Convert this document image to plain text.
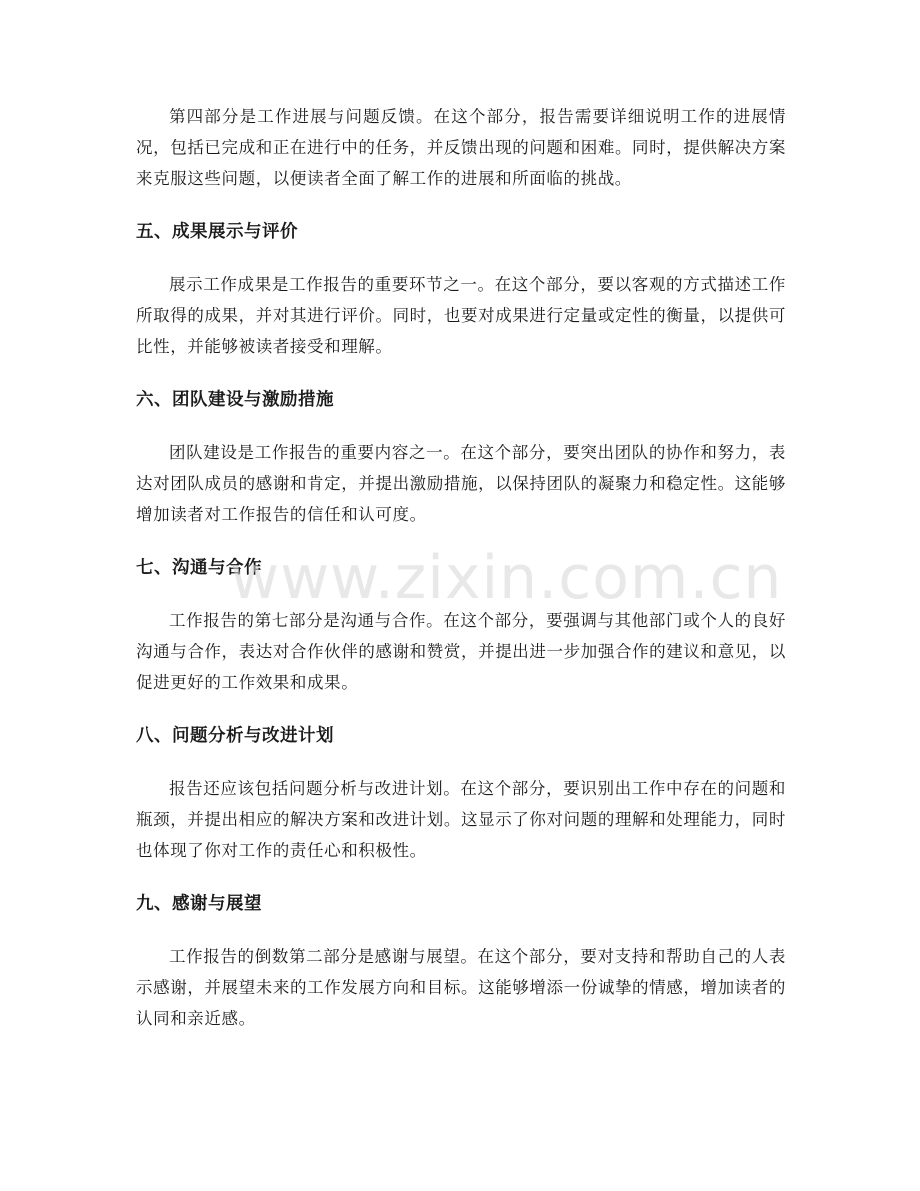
第四部分是工作进展与问题反馈。在这个部分，报告需要详细说明工作的进展情况，包括已完成和正在进行中的任务，并反馈出现的问题和困难。同时，提供解决方案来克服这些问题，以便读者全面了解工作的进展和所面临的挑战。

五、成果展示与评价

展示工作成果是工作报告的重要环节之一。在这个部分，要以客观的方式描述工作所取得的成果，并对其进行评价。同时，也要对成果进行定量或定性的衡量，以提供可比性，并能够被读者接受和理解。

六、团队建设与激励措施

团队建设是工作报告的重要内容之一。在这个部分，要突出团队的协作和努力，表达对团队成员的感谢和肯定，并提出激励措施，以保持团队的凝聚力和稳定性。这能够增加读者对工作报告的信任和认可度。

七、沟通与合作

工作报告的第七部分是沟通与合作。在这个部分，要强调与其他部门或个人的良好沟通与合作，表达对合作伙伴的感谢和赞赏，并提出进一步加强合作的建议和意见，以促进更好的工作效果和成果。

八、问题分析与改进计划

报告还应该包括问题分析与改进计划。在这个部分，要识别出工作中存在的问题和瓶颈，并提出相应的解决方案和改进计划。这显示了你对问题的理解和处理能力，同时也体现了你对工作的责任心和积极性。

九、感谢与展望

工作报告的倒数第二部分是感谢与展望。在这个部分，要对支持和帮助自己的人表示感谢，并展望未来的工作发展方向和目标。这能够增添一份诚挚的情感，增加读者的认同和亲近感。

www.zixin.com.cn
